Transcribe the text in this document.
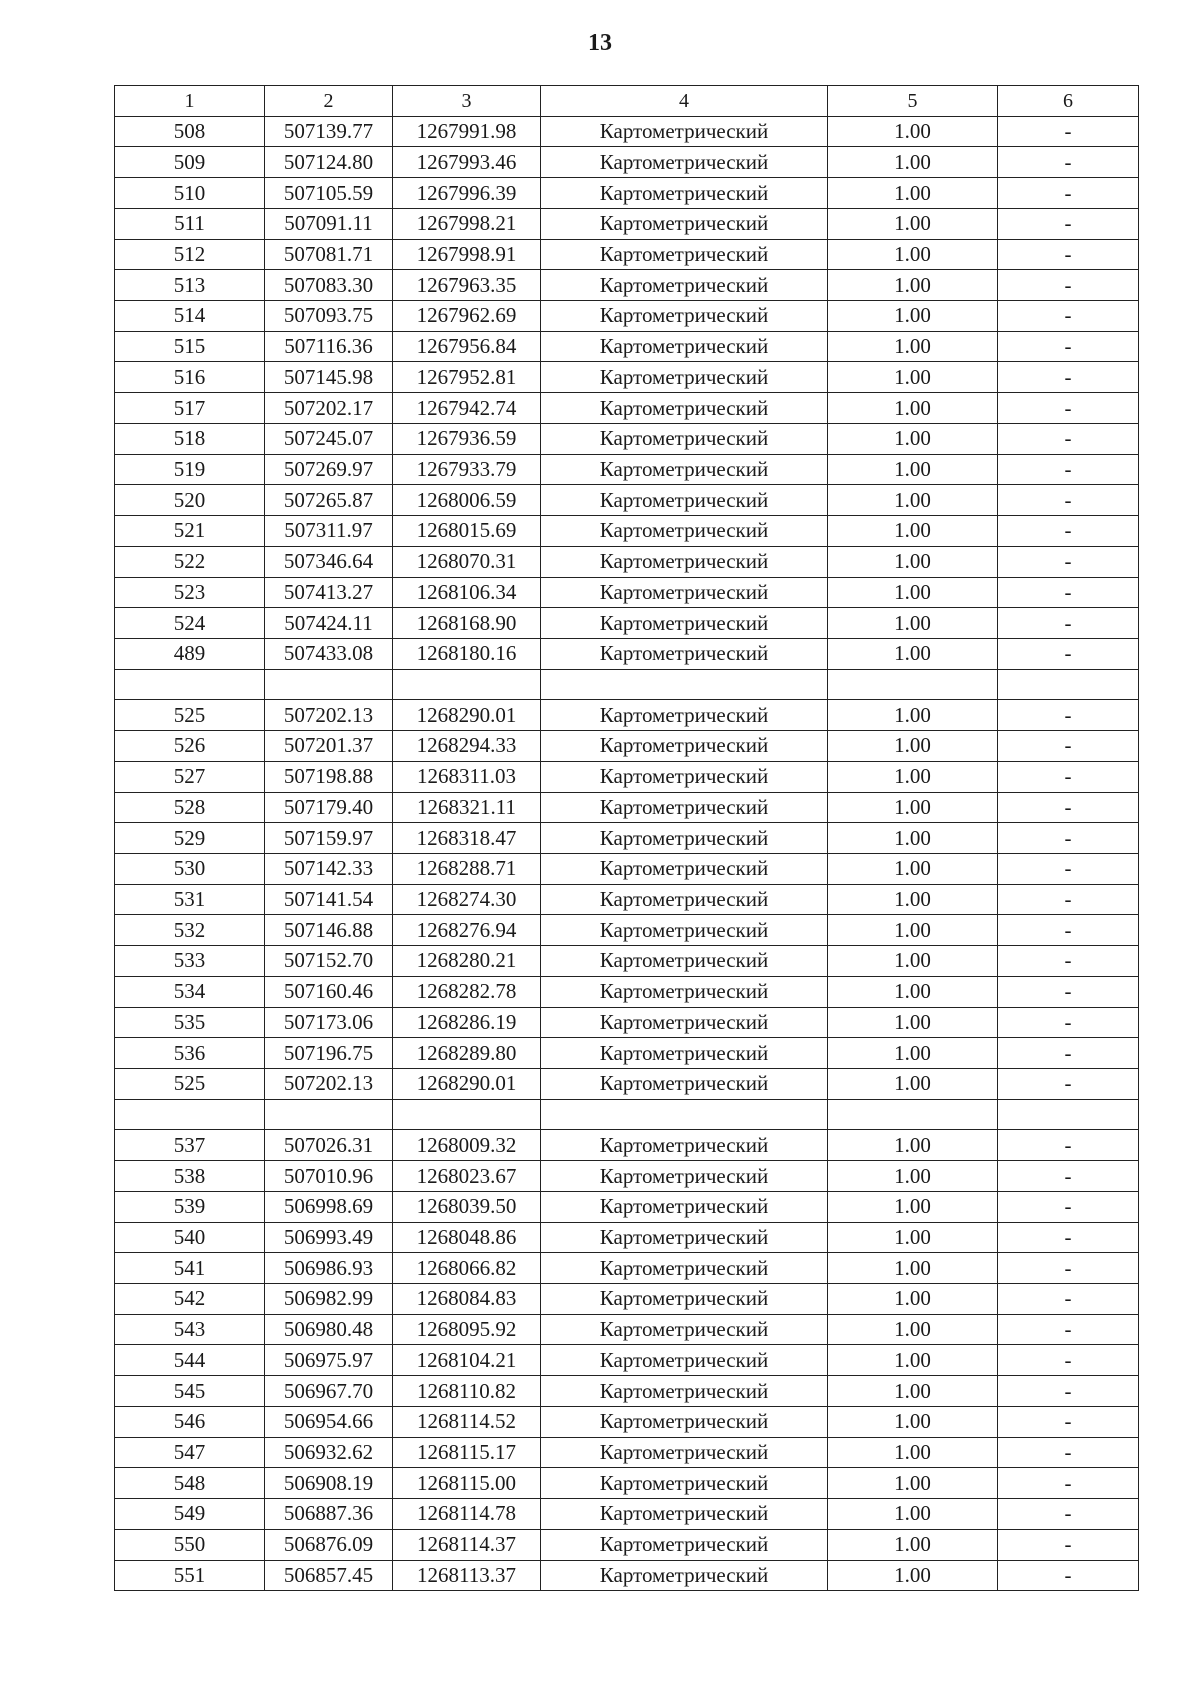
13
1	2	3	4	5	6
508	507139.77	1267991.98	Картометрический	1.00	-
509	507124.80	1267993.46	Картометрический	1.00	-
510	507105.59	1267996.39	Картометрический	1.00	-
511	507091.11	1267998.21	Картометрический	1.00	-
512	507081.71	1267998.91	Картометрический	1.00	-
513	507083.30	1267963.35	Картометрический	1.00	-
514	507093.75	1267962.69	Картометрический	1.00	-
515	507116.36	1267956.84	Картометрический	1.00	-
516	507145.98	1267952.81	Картометрический	1.00	-
517	507202.17	1267942.74	Картометрический	1.00	-
518	507245.07	1267936.59	Картометрический	1.00	-
519	507269.97	1267933.79	Картометрический	1.00	-
520	507265.87	1268006.59	Картометрический	1.00	-
521	507311.97	1268015.69	Картометрический	1.00	-
522	507346.64	1268070.31	Картометрический	1.00	-
523	507413.27	1268106.34	Картометрический	1.00	-
524	507424.11	1268168.90	Картометрический	1.00	-
489	507433.08	1268180.16	Картометрический	1.00	-

525	507202.13	1268290.01	Картометрический	1.00	-
526	507201.37	1268294.33	Картометрический	1.00	-
527	507198.88	1268311.03	Картометрический	1.00	-
528	507179.40	1268321.11	Картометрический	1.00	-
529	507159.97	1268318.47	Картометрический	1.00	-
530	507142.33	1268288.71	Картометрический	1.00	-
531	507141.54	1268274.30	Картометрический	1.00	-
532	507146.88	1268276.94	Картометрический	1.00	-
533	507152.70	1268280.21	Картометрический	1.00	-
534	507160.46	1268282.78	Картометрический	1.00	-
535	507173.06	1268286.19	Картометрический	1.00	-
536	507196.75	1268289.80	Картометрический	1.00	-
525	507202.13	1268290.01	Картометрический	1.00	-

537	507026.31	1268009.32	Картометрический	1.00	-
538	507010.96	1268023.67	Картометрический	1.00	-
539	506998.69	1268039.50	Картометрический	1.00	-
540	506993.49	1268048.86	Картометрический	1.00	-
541	506986.93	1268066.82	Картометрический	1.00	-
542	506982.99	1268084.83	Картометрический	1.00	-
543	506980.48	1268095.92	Картометрический	1.00	-
544	506975.97	1268104.21	Картометрический	1.00	-
545	506967.70	1268110.82	Картометрический	1.00	-
546	506954.66	1268114.52	Картометрический	1.00	-
547	506932.62	1268115.17	Картометрический	1.00	-
548	506908.19	1268115.00	Картометрический	1.00	-
549	506887.36	1268114.78	Картометрический	1.00	-
550	506876.09	1268114.37	Картометрический	1.00	-
551	506857.45	1268113.37	Картометрический	1.00	-
